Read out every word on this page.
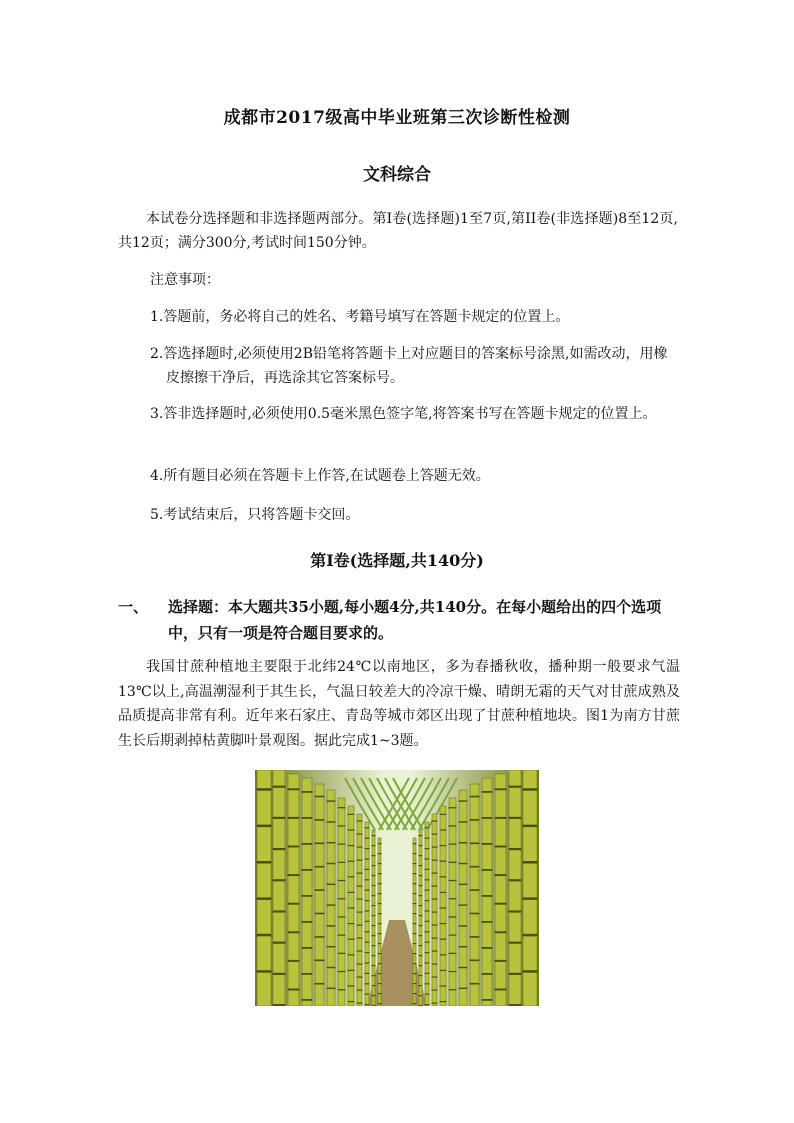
成都市2017级高中毕业班第三次诊断性检测
文科综合
本试卷分选择题和非选择题两部分。第Ⅰ卷(选择题)1至7页,第II卷(非选择题)8至12页,共12页；满分300分,考试时间150分钟。
注意事项：
1.答题前，务必将自己的姓名、考籍号填写在答题卡规定的位置上。
2.答选择题时,必须使用2B铅笔将答题卡上对应题目的答案标号涂黑,如需改动，用橡皮擦擦干净后，再选涂其它答案标号。
3.答非选择题时,必须使用0.5毫米黑色签字笔,将答案书写在答题卡规定的位置上。
4.所有题目必须在答题卡上作答,在试题卷上答题无效。
5.考试结束后，只将答题卡交回。
第Ⅰ卷(选择题,共140分)
一、 选择题：本大题共35小题,每小题4分,共140分。在每小题给出的四个选项中，只有一项是符合题目要求的。
我国甘蔗种植地主要限于北纬24℃以南地区，多为春播秋收，播种期一般要求气温13℃以上,高温潮湿利于其生长，气温日较差大的冷凉干燥、晴朗无霜的天气对甘蔗成熟及品质提高非常有利。近年来石家庄、青岛等城市郊区出现了甘蔗种植地块。图1为南方甘蔗生长后期剥掉枯黄脚叶景观图。据此完成1~3题。
